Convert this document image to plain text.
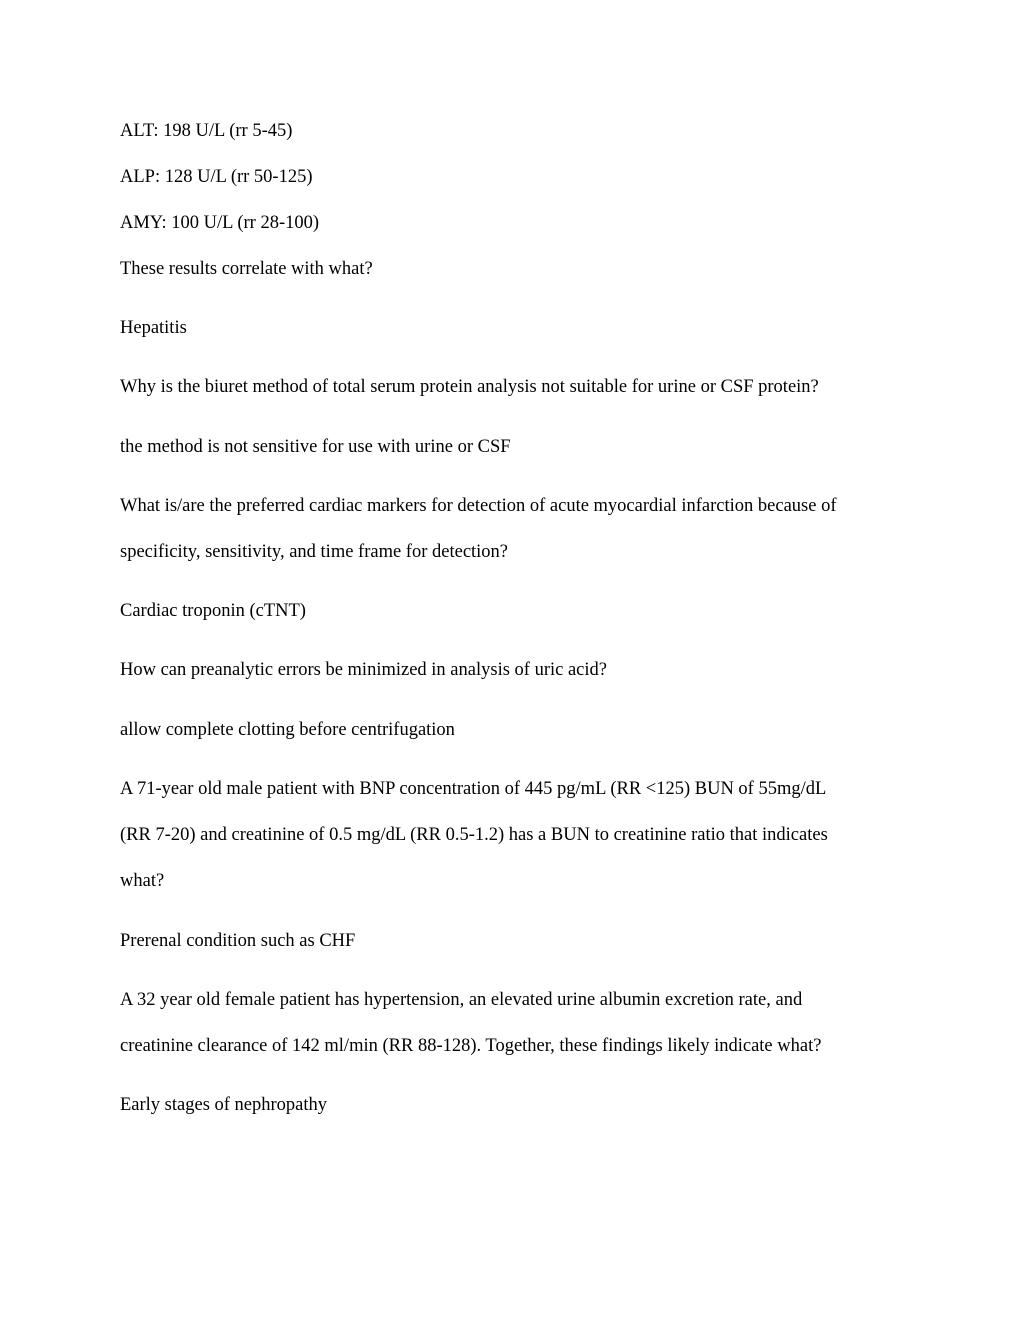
ALT: 198 U/L (rr 5-45)
ALP: 128 U/L (rr 50-125)
AMY: 100 U/L (rr 28-100)
These results correlate with what?
Hepatitis
Why is the biuret method of total serum protein analysis not suitable for urine or CSF protein?
the method is not sensitive for use with urine or CSF
What is/are the preferred cardiac markers for detection of acute myocardial infarction because of
specificity, sensitivity, and time frame for detection?
Cardiac troponin (cTNT)
How can preanalytic errors be minimized in analysis of uric acid?
allow complete clotting before centrifugation
A 71-year old male patient with BNP concentration of 445 pg/mL (RR <125) BUN of 55mg/dL
(RR 7-20) and creatinine of 0.5 mg/dL (RR 0.5-1.2) has a BUN to creatinine ratio that indicates
what?
Prerenal condition such as CHF
A 32 year old female patient has hypertension, an elevated urine albumin excretion rate, and
creatinine clearance of 142 ml/min (RR 88-128). Together, these findings likely indicate what?
Early stages of nephropathy
